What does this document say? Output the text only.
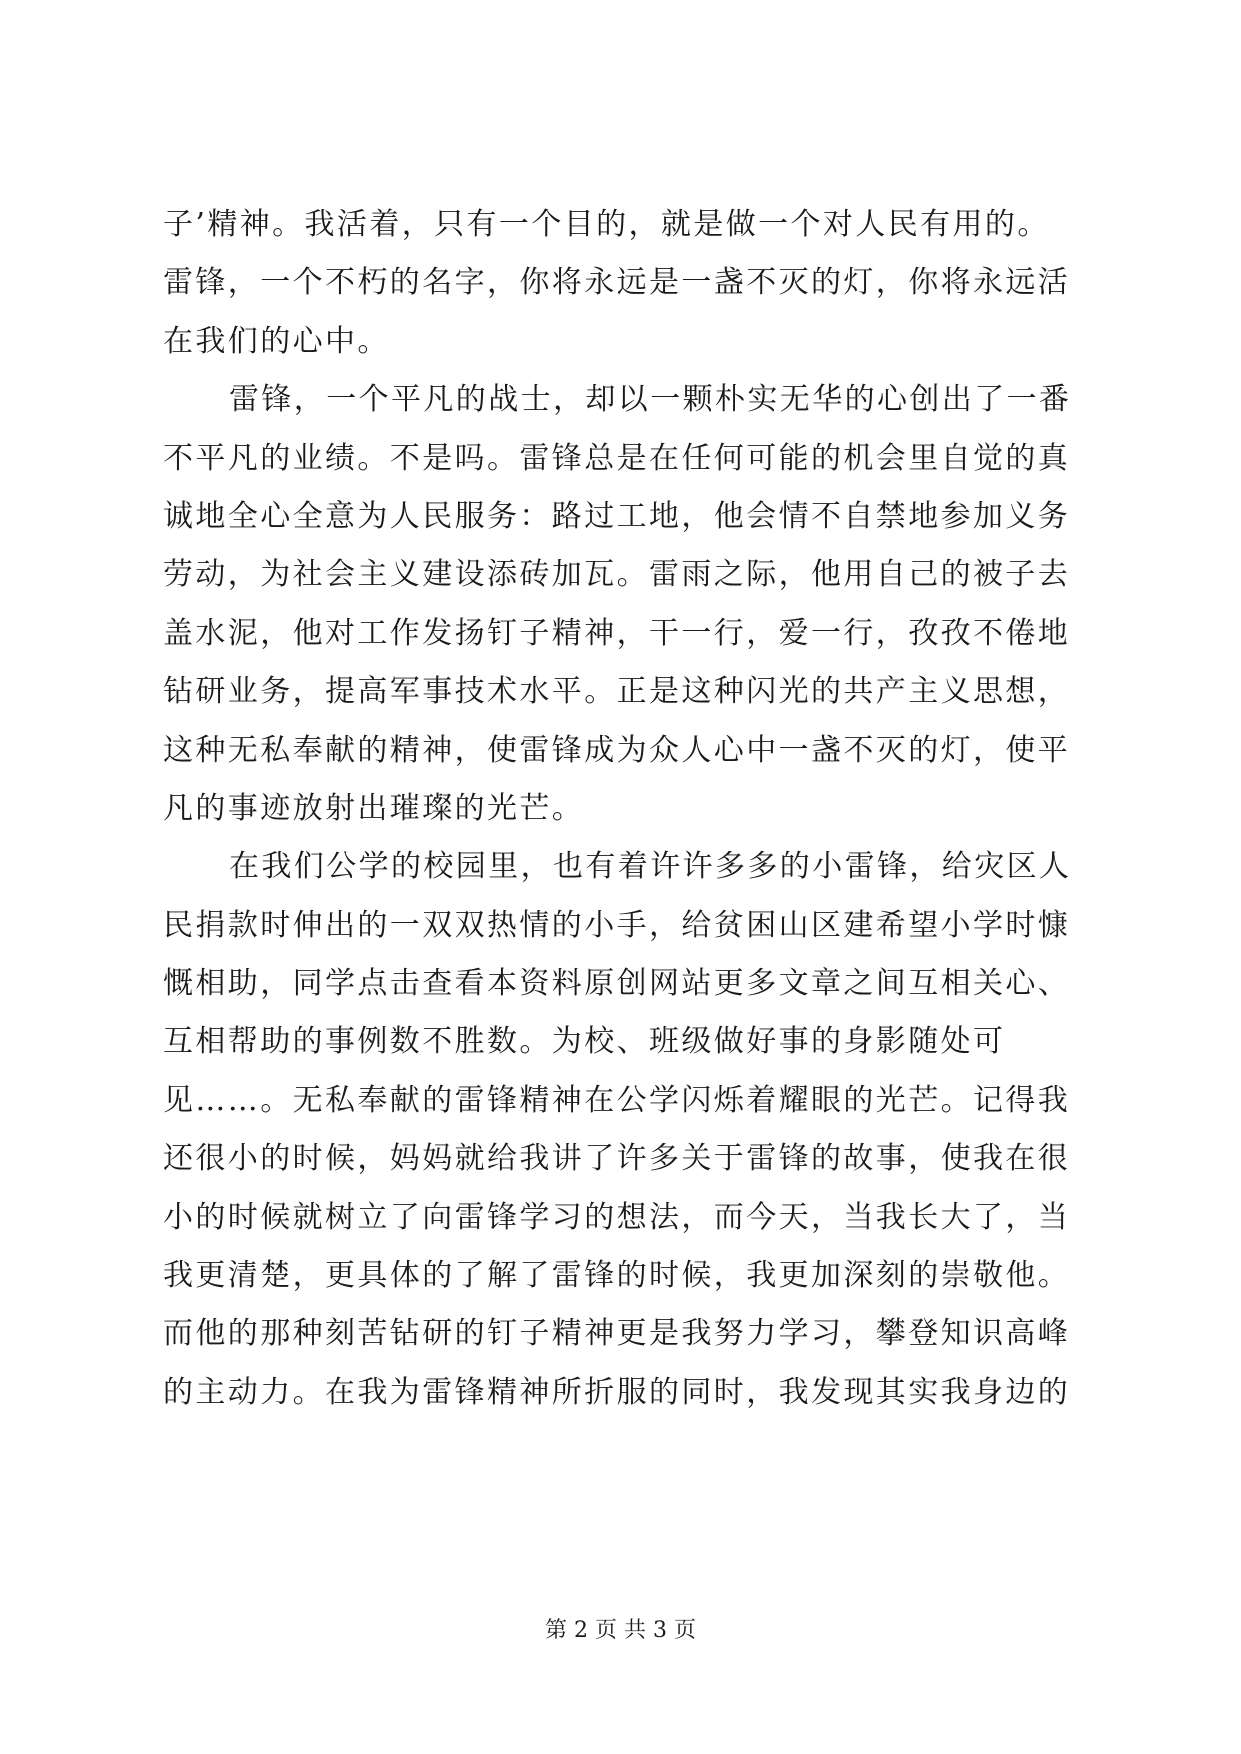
子’精神。我活着，只有一个目的，就是做一个对人民有用的。
雷锋，一个不朽的名字，你将永远是一盏不灭的灯，你将永远活
在我们的心中。
雷锋，一个平凡的战士，却以一颗朴实无华的心创出了一番
不平凡的业绩。不是吗。雷锋总是在任何可能的机会里自觉的真
诚地全心全意为人民服务：路过工地，他会情不自禁地参加义务
劳动，为社会主义建设添砖加瓦。雷雨之际，他用自己的被子去
盖水泥，他对工作发扬钉子精神，干一行，爱一行，孜孜不倦地
钻研业务，提高军事技术水平。正是这种闪光的共产主义思想，
这种无私奉献的精神，使雷锋成为众人心中一盏不灭的灯，使平
凡的事迹放射出璀璨的光芒。
在我们公学的校园里，也有着许许多多的小雷锋，给灾区人
民捐款时伸出的一双双热情的小手，给贫困山区建希望小学时慷
慨相助，同学点击查看本资料原创网站更多文章之间互相关心、
互相帮助的事例数不胜数。为校、班级做好事的身影随处可
见……。无私奉献的雷锋精神在公学闪烁着耀眼的光芒。记得我
还很小的时候，妈妈就给我讲了许多关于雷锋的故事，使我在很
小的时候就树立了向雷锋学习的想法，而今天，当我长大了，当
我更清楚，更具体的了解了雷锋的时候，我更加深刻的崇敬他。
而他的那种刻苦钻研的钉子精神更是我努力学习，攀登知识高峰
的主动力。在我为雷锋精神所折服的同时，我发现其实我身边的
第 2 页 共 3 页
